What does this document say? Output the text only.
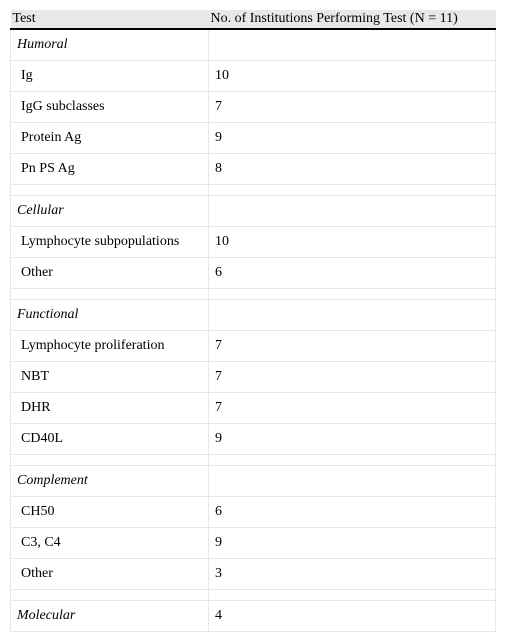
Test	No. of Institutions Performing Test (N = 11)
Humoral	
Ig	10
IgG subclasses	7
Protein Ag	9
Pn PS Ag	8

Cellular	
Lymphocyte subpopulations	10
Other	6

Functional	
Lymphocyte proliferation	7
NBT	7
DHR	7
CD40L	9

Complement	
CH50	6
C3, C4	9
Other	3

Molecular	4
